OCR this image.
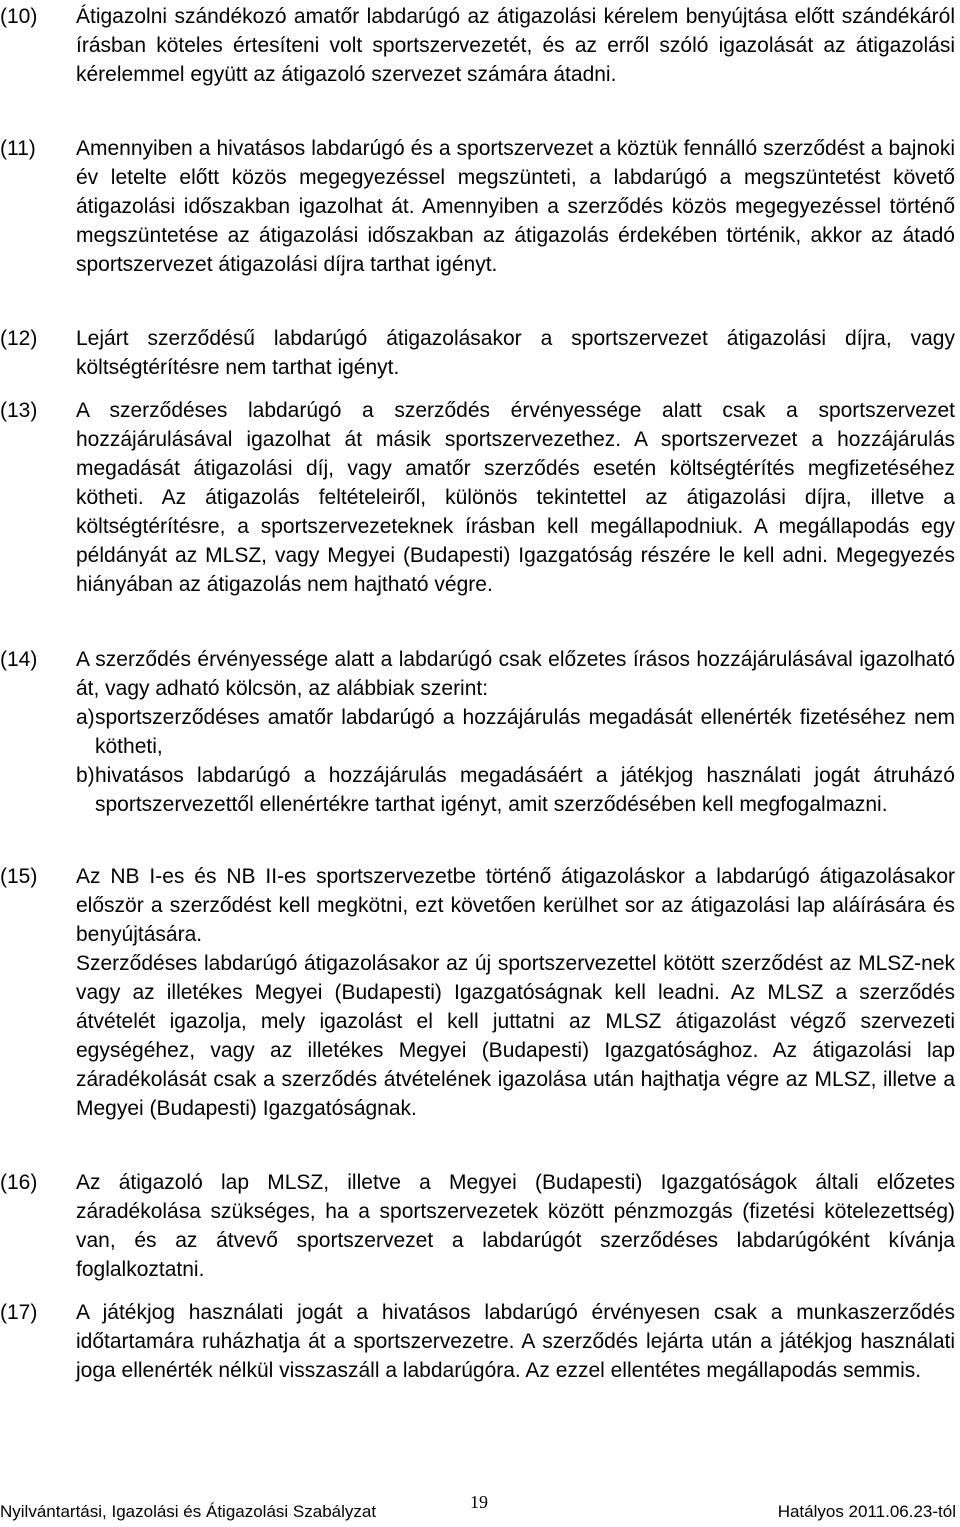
(10) Átigazolni szándékozó amatőr labdarúgó az átigazolási kérelem benyújtása előtt szándékáról írásban köteles értesíteni volt sportszervezetét, és az erről szóló igazolását az átigazolási kérelemmel együtt az átigazoló szervezet számára átadni.

(11) Amennyiben a hivatásos labdarúgó és a sportszervezet a köztük fennálló szerződést a bajnoki év letelte előtt közös megegyezéssel megszünteti, a labdarúgó a megszüntetést követő átigazolási időszakban igazolhat át. Amennyiben a szerződés közös megegyezéssel történő megszüntetése az átigazolási időszakban az átigazolás érdekében történik, akkor az átadó sportszervezet átigazolási díjra tarthat igényt.

(12) Lejárt szerződésű labdarúgó átigazolásakor a sportszervezet átigazolási díjra, vagy költségtérítésre nem tarthat igényt.

(13) A szerződéses labdarúgó a szerződés érvényessége alatt csak a sportszervezet hozzájárulásával igazolhat át másik sportszervezethez. A sportszervezet a hozzájárulás megadását átigazolási díj, vagy amatőr szerződés esetén költségtérítés megfizetéséhez kötheti. Az átigazolás feltételeiről, különös tekintettel az átigazolási díjra, illetve a költségtérítésre, a sportszervezeteknek írásban kell megállapodniuk. A megállapodás egy példányát az MLSZ, vagy Megyei (Budapesti) Igazgatóság részére le kell adni. Megegyezés hiányában az átigazolás nem hajtható végre.

(14) A szerződés érvényessége alatt a labdarúgó csak előzetes írásos hozzájárulásával igazolható át, vagy adható kölcsön, az alábbiak szerint:

a) sportszerződéses amatőr labdarúgó a hozzájárulás megadását ellenérték fizetéséhez nem kötheti,
b) hivatásos labdarúgó a hozzájárulás megadásáért a játékjog használati jogát átruházó sportszervezettől ellenértékre tarthat igényt, amit szerződésében kell megfogalmazni.
(15) Az NB I-es és NB II-es sportszervezetbe történő átigazoláskor a labdarúgó átigazolásakor először a szerződést kell megkötni, ezt követően kerülhet sor az átigazolási lap aláírására és benyújtására.

Szerződéses labdarúgó átigazolásakor az új sportszervezettel kötött szerződést az MLSZ-nek vagy az illetékes Megyei (Budapesti) Igazgatóságnak kell leadni. Az MLSZ a szerződés átvételét igazolja, mely igazolást el kell juttatni az MLSZ átigazolást végző szervezeti egységéhez, vagy az illetékes Megyei (Budapesti) Igazgatósághoz. Az átigazolási lap záradékolását csak a szerződés átvételének igazolása után hajthatja végre az MLSZ, illetve a Megyei (Budapesti) Igazgatóságnak.

(16) Az átigazoló lap MLSZ, illetve a Megyei (Budapesti) Igazgatóságok általi előzetes záradékolása szükséges, ha a sportszervezetek között pénzmozgás (fizetési kötelezettség) van, és az átvevő sportszervezet a labdarúgót szerződéses labdarúgóként kívánja foglalkoztatni.

(17) A játékjog használati jogát a hivatásos labdarúgó érvényesen csak a munkaszerződés időtartamára ruházhatja át a sportszervezetre. A szerződés lejárta után a játékjog használati joga ellenérték nélkül visszaszáll a labdarúgóra. Az ezzel ellentétes megállapodás semmis.

Nyilvántartási, Igazolási és Átigazolási Szabályzat	19	Hatályos 2011.06.23-tól
